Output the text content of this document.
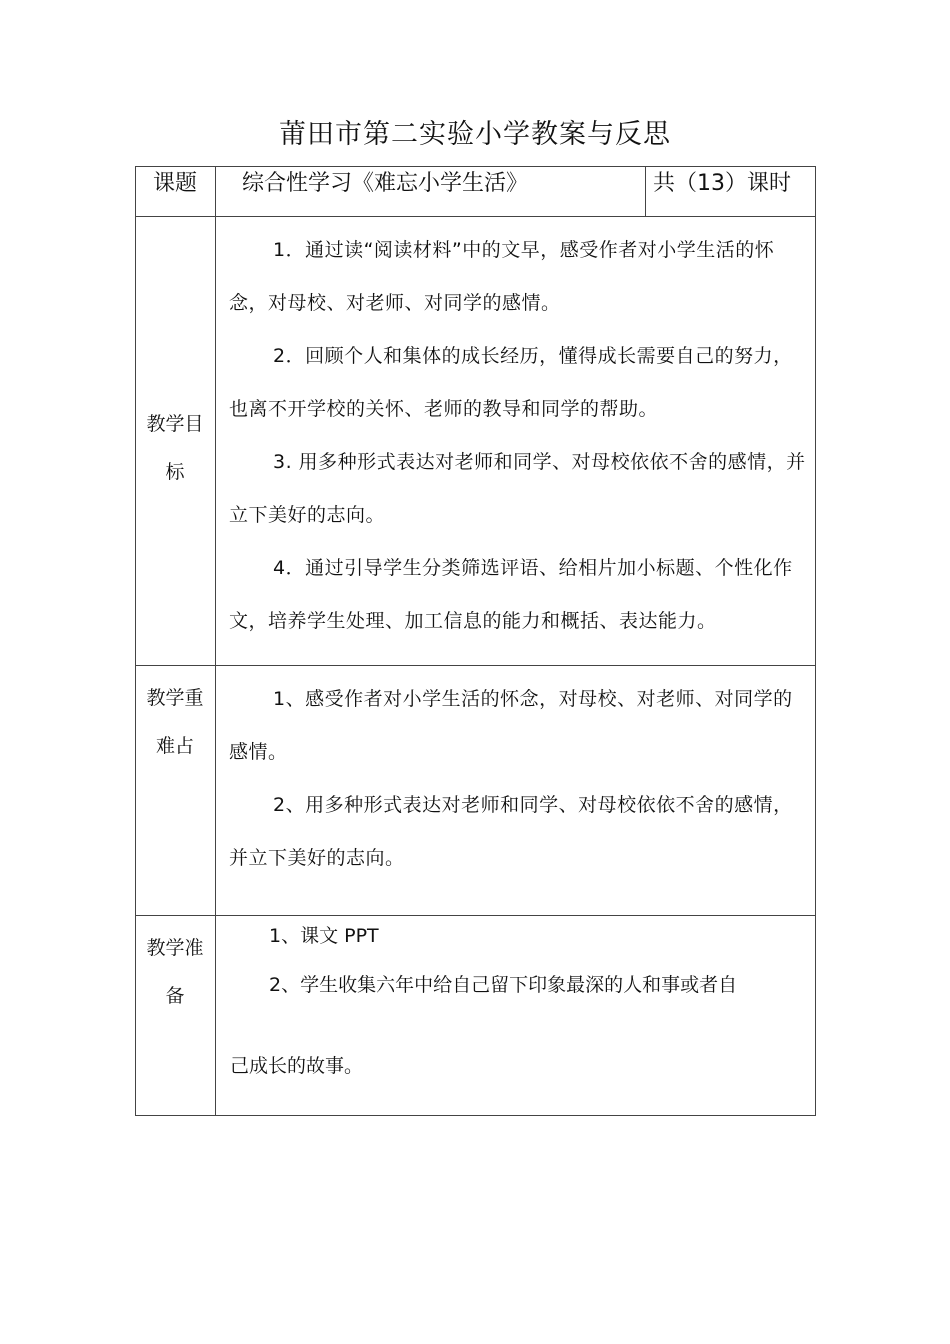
莆田市第二实验小学教案与反思
课题	综合性学习《难忘小学生活》	共（13）课时
教学目
标

1．通过读“阅读材料”中的文早，感受作者对小学生活的怀念，对母校、对老师、对同学的感情。

2．回顾个人和集体的成长经历，懂得成长需要自己的努力，也离不开学校的关怀、老师的教导和同学的帮助。

3. 用多种形式表达对老师和同学、对母校依依不舍的感情，并立下美好的志向。

4．通过引导学生分类筛选评语、给相片加小标题、个性化作文，培养学生处理、加工信息的能力和概括、表达能力。

教学重
难占

1、感受作者对小学生活的怀念，对母校、对老师、对同学的感情。

2、用多种形式表达对老师和同学、对母校依依不舍的感情，并立下美好的志向。

教学准
备
1、课文 PPT
2、学生收集六年中给自己留下印象最深的人和事或者自
己成长的故事。
